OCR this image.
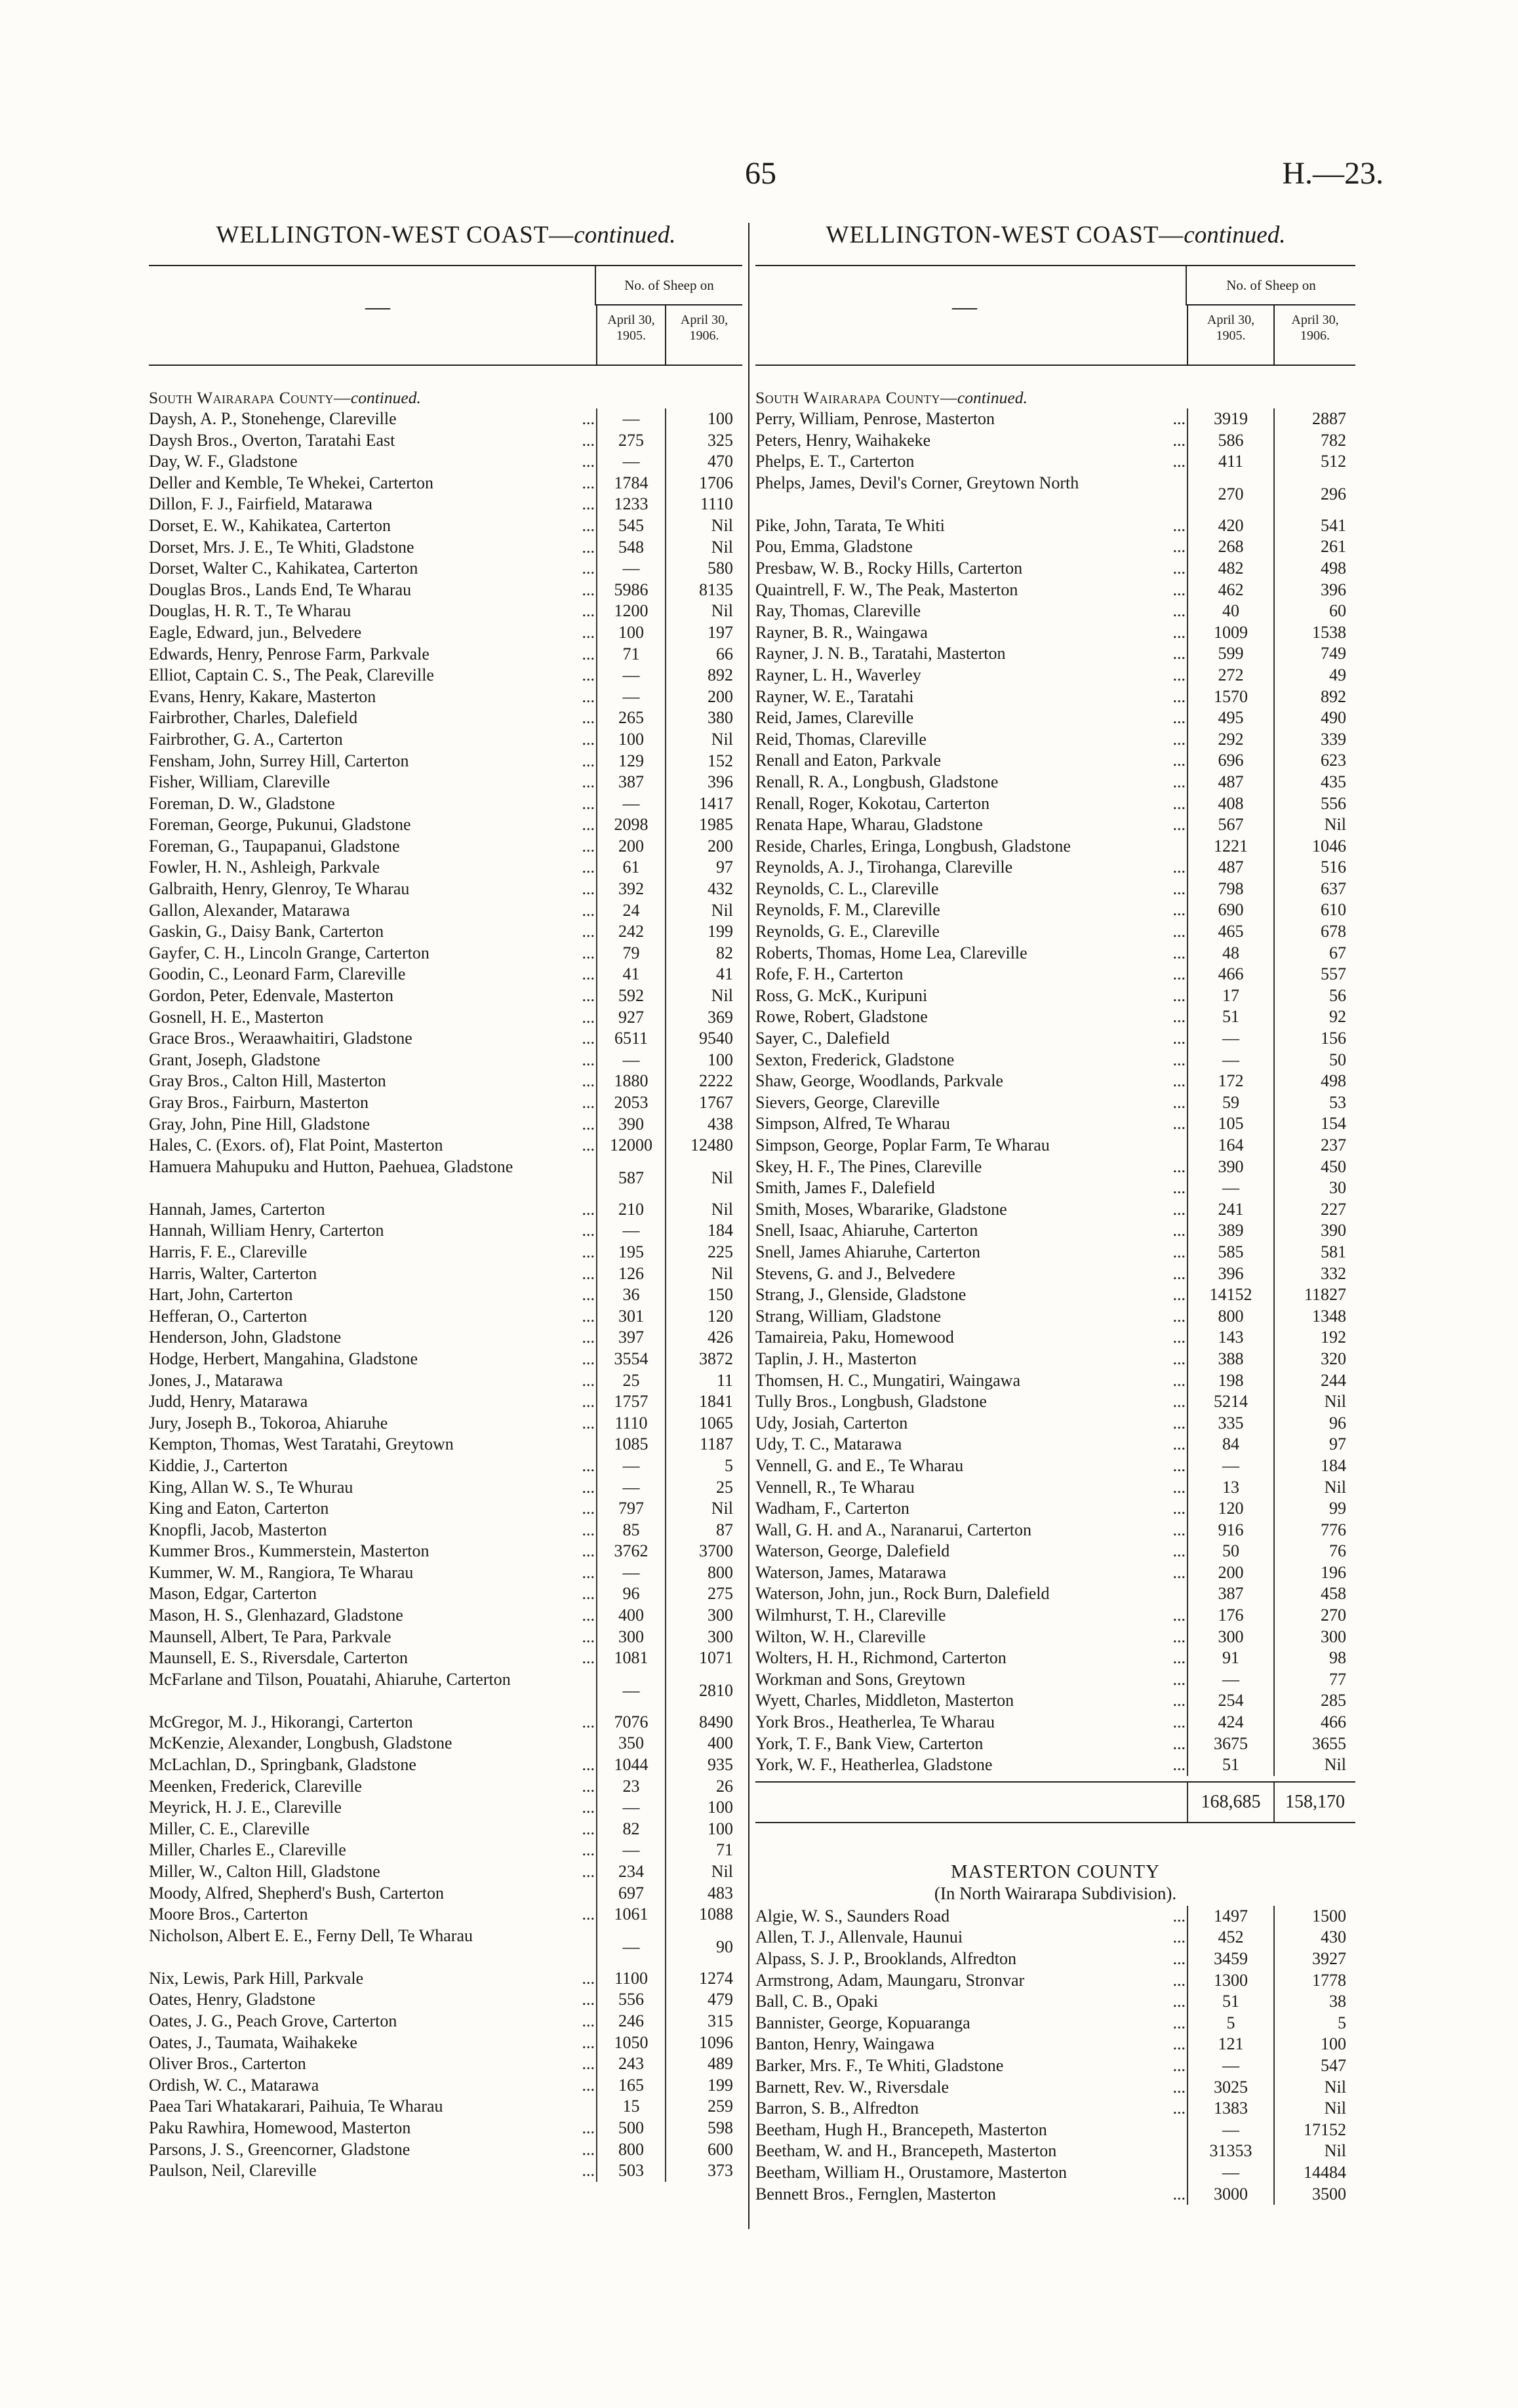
65	H.—23.
WELLINGTON-WEST COAST—continued.	WELLINGTON-WEST COAST—continued.
—
No. of Sheep on
April 30,
1905.
April 30,
1906.
South Wairarapa County—continued.
Daysh, A. P., Stonehenge, Clareville	...	—	100
Daysh Bros., Overton, Taratahi East	...	275	325
Day, W. F., Gladstone	...	—	470
Deller and Kemble, Te Whekei, Carterton	...	1784	1706
Dillon, F. J., Fairfield, Matarawa	...	1233	1110
Dorset, E. W., Kahikatea, Carterton	...	545	Nil
Dorset, Mrs. J. E., Te Whiti, Gladstone	...	548	Nil
Dorset, Walter C., Kahikatea, Carterton	...	—	580
Douglas Bros., Lands End, Te Wharau	...	5986	8135
Douglas, H. R. T., Te Wharau	...	1200	Nil
Eagle, Edward, jun., Belvedere	...	100	197
Edwards, Henry, Penrose Farm, Parkvale	...	71	66
Elliot, Captain C. S., The Peak, Clareville	...	—	892
Evans, Henry, Kakare, Masterton	...	—	200
Fairbrother, Charles, Dalefield	...	265	380
Fairbrother, G. A., Carterton	...	100	Nil
Fensham, John, Surrey Hill, Carterton	...	129	152
Fisher, William, Clareville	...	387	396
Foreman, D. W., Gladstone	...	—	1417
Foreman, George, Pukunui, Gladstone	...	2098	1985
Foreman, G., Taupapanui, Gladstone	...	200	200
Fowler, H. N., Ashleigh, Parkvale	...	61	97
Galbraith, Henry, Glenroy, Te Wharau	...	392	432
Gallon, Alexander, Matarawa	...	24	Nil
Gaskin, G., Daisy Bank, Carterton	...	242	199
Gayfer, C. H., Lincoln Grange, Carterton	...	79	82
Goodin, C., Leonard Farm, Clareville	...	41	41
Gordon, Peter, Edenvale, Masterton	...	592	Nil
Gosnell, H. E., Masterton	...	927	369
Grace Bros., Weraawhaitiri, Gladstone	...	6511	9540
Grant, Joseph, Gladstone	...	—	100
Gray Bros., Calton Hill, Masterton	...	1880	2222
Gray Bros., Fairburn, Masterton	...	2053	1767
Gray, John, Pine Hill, Gladstone	...	390	438
Hales, C. (Exors. of), Flat Point, Masterton	... 12000	12480
Hamuera Mahupuku and Hutton, Paehuea, Gladstone
587	Nil
Hannah, James, Carterton	...	210	Nil
Hannah, William Henry, Carterton	...	—	184
Harris, F. E., Clareville	...	195	225
Harris, Walter, Carterton	...	126	Nil
Hart, John, Carterton	...	36	150
Hefferan, O., Carterton	...	301	120
Henderson, John, Gladstone	...	397	426
Hodge, Herbert, Mangahina, Gladstone	...	3554	3872
Jones, J., Matarawa	...	25	11
Judd, Henry, Matarawa	...	1757	1841
Jury, Joseph B., Tokoroa, Ahiaruhe	...	1110	1065
Kempton, Thomas, West Taratahi, Greytown	1085	1187
Kiddie, J., Carterton	...	—	5
King, Allan W. S., Te Whurau	...	—	25
King and Eaton, Carterton	...	797	Nil
Knopfli, Jacob, Masterton	...	85	87
Kummer Bros., Kummerstein, Masterton	...	3762	3700
Kummer, W. M., Rangiora, Te Wharau	...	—	800
Mason, Edgar, Carterton	...	96	275
Mason, H. S., Glenhazard, Gladstone	...	400	300
Maunsell, Albert, Te Para, Parkvale	...	300	300
Maunsell, E. S., Riversdale, Carterton	...	1081	1071
McFarlane and Tilson, Pouatahi, Ahiaruhe, Carterton
—	2810
McGregor, M. J., Hikorangi, Carterton	...	7076	8490
McKenzie, Alexander, Longbush, Gladstone	350	400
McLachlan, D., Springbank, Gladstone	...	1044	935
Meenken, Frederick, Clareville	...	23	26
Meyrick, H. J. E., Clareville	...	—	100
Miller, C. E., Clareville	...	82	100
Miller, Charles E., Clareville	...	—	71
Miller, W., Calton Hill, Gladstone	...	234	Nil
Moody, Alfred, Shepherd's Bush, Carterton	697	483
Moore Bros., Carterton	...	1061	1088
Nicholson, Albert E. E., Ferny Dell, Te Wharau
—	90
Nix, Lewis, Park Hill, Parkvale	...	1100	1274
Oates, Henry, Gladstone	...	556	479
Oates, J. G., Peach Grove, Carterton	...	246	315
Oates, J., Taumata, Waihakeke	...	1050	1096
Oliver Bros., Carterton	...	243	489
Ordish, W. C., Matarawa	...	165	199
Paea Tari Whatakarari, Paihuia, Te Wharau	15	259
Paku Rawhira, Homewood, Masterton	...	500	598
Parsons, J. S., Greencorner, Gladstone	...	800	600
Paulson, Neil, Clareville	...	503	373
—
No. of Sheep on
April 30,
1905.
April 30,
1906.
South Wairarapa County—continued.
Perry, William, Penrose, Masterton	...	3919	2887
Peters, Henry, Waihakeke	...	586	782
Phelps, E. T., Carterton	...	411	512
Phelps, James, Devil's Corner, Greytown North
270	296
Pike, John, Tarata, Te Whiti	...	420	541
Pou, Emma, Gladstone	...	268	261
Presbaw, W. B., Rocky Hills, Carterton	...	482	498
Quaintrell, F. W., The Peak, Masterton	...	462	396
Ray, Thomas, Clareville	...	40	60
Rayner, B. R., Waingawa	...	1009	1538
Rayner, J. N. B., Taratahi, Masterton	...	599	749
Rayner, L. H., Waverley	...	272	49
Rayner, W. E., Taratahi	...	1570	892
Reid, James, Clareville	...	495	490
Reid, Thomas, Clareville	...	292	339
Renall and Eaton, Parkvale	...	696	623
Renall, R. A., Longbush, Gladstone	...	487	435
Renall, Roger, Kokotau, Carterton	...	408	556
Renata Hape, Wharau, Gladstone	...	567	Nil
Reside, Charles, Eringa, Longbush, Gladstone	1221	1046
Reynolds, A. J., Tirohanga, Clareville	...	487	516
Reynolds, C. L., Clareville	...	798	637
Reynolds, F. M., Clareville	...	690	610
Reynolds, G. E., Clareville	...	465	678
Roberts, Thomas, Home Lea, Clareville	...	48	67
Rofe, F. H., Carterton	...	466	557
Ross, G. McK., Kuripuni	...	17	56
Rowe, Robert, Gladstone	...	51	92
Sayer, C., Dalefield	...	—	156
Sexton, Frederick, Gladstone	...	—	50
Shaw, George, Woodlands, Parkvale	...	172	498
Sievers, George, Clareville	...	59	53
Simpson, Alfred, Te Wharau	...	105	154
Simpson, George, Poplar Farm, Te Wharau	164	237
Skey, H. F., The Pines, Clareville	...	390	450
Smith, James F., Dalefield	...	—	30
Smith, Moses, Wbararike, Gladstone	...	241	227
Snell, Isaac, Ahiaruhe, Carterton	...	389	390
Snell, James Ahiaruhe, Carterton	...	585	581
Stevens, G. and J., Belvedere	...	396	332
Strang, J., Glenside, Gladstone	...	14152	11827
Strang, William, Gladstone	...	800	1348
Tamaireia, Paku, Homewood	...	143	192
Taplin, J. H., Masterton	...	388	320
Thomsen, H. C., Mungatiri, Waingawa	...	198	244
Tully Bros., Longbush, Gladstone	...	5214	Nil
Udy, Josiah, Carterton	...	335	96
Udy, T. C., Matarawa	...	84	97
Vennell, G. and E., Te Wharau	...	—	184
Vennell, R., Te Wharau	...	13	Nil
Wadham, F., Carterton	...	120	99
Wall, G. H. and A., Naranarui, Carterton	...	916	776
Waterson, George, Dalefield	...	50	76
Waterson, James, Matarawa	...	200	196
Waterson, John, jun., Rock Burn, Dalefield	387	458
Wilmhurst, T. H., Clareville	...	176	270
Wilton, W. H., Clareville	...	300	300
Wolters, H. H., Richmond, Carterton	...	91	98
Workman and Sons, Greytown	...	—	77
Wyett, Charles, Middleton, Masterton	...	254	285
York Bros., Heatherlea, Te Wharau	...	424	466
York, T. F., Bank View, Carterton	...	3675	3655
York, W. F., Heatherlea, Gladstone	...	51	Nil
168,685	158,170
MASTERTON COUNTY
(In North Wairarapa Subdivision).
Algie, W. S., Saunders Road	...	1497	1500
Allen, T. J., Allenvale, Haunui	...	452	430
Alpass, S. J. P., Brooklands, Alfredton	...	3459	3927
Armstrong, Adam, Maungaru, Stronvar	...	1300	1778
Ball, C. B., Opaki	...	51	38
Bannister, George, Kopuaranga	...	5	5
Banton, Henry, Waingawa	...	121	100
Barker, Mrs. F., Te Whiti, Gladstone	...	—	547
Barnett, Rev. W., Riversdale	...	3025	Nil
Barron, S. B., Alfredton	...	1383	Nil
Beetham, Hugh H., Brancepeth, Masterton	—	17152
Beetham, W. and H., Brancepeth, Masterton	31353	Nil
Beetham, William H., Orustamore, Masterton	—	14484
Bennett Bros., Fernglen, Masterton	...	3000	3500
